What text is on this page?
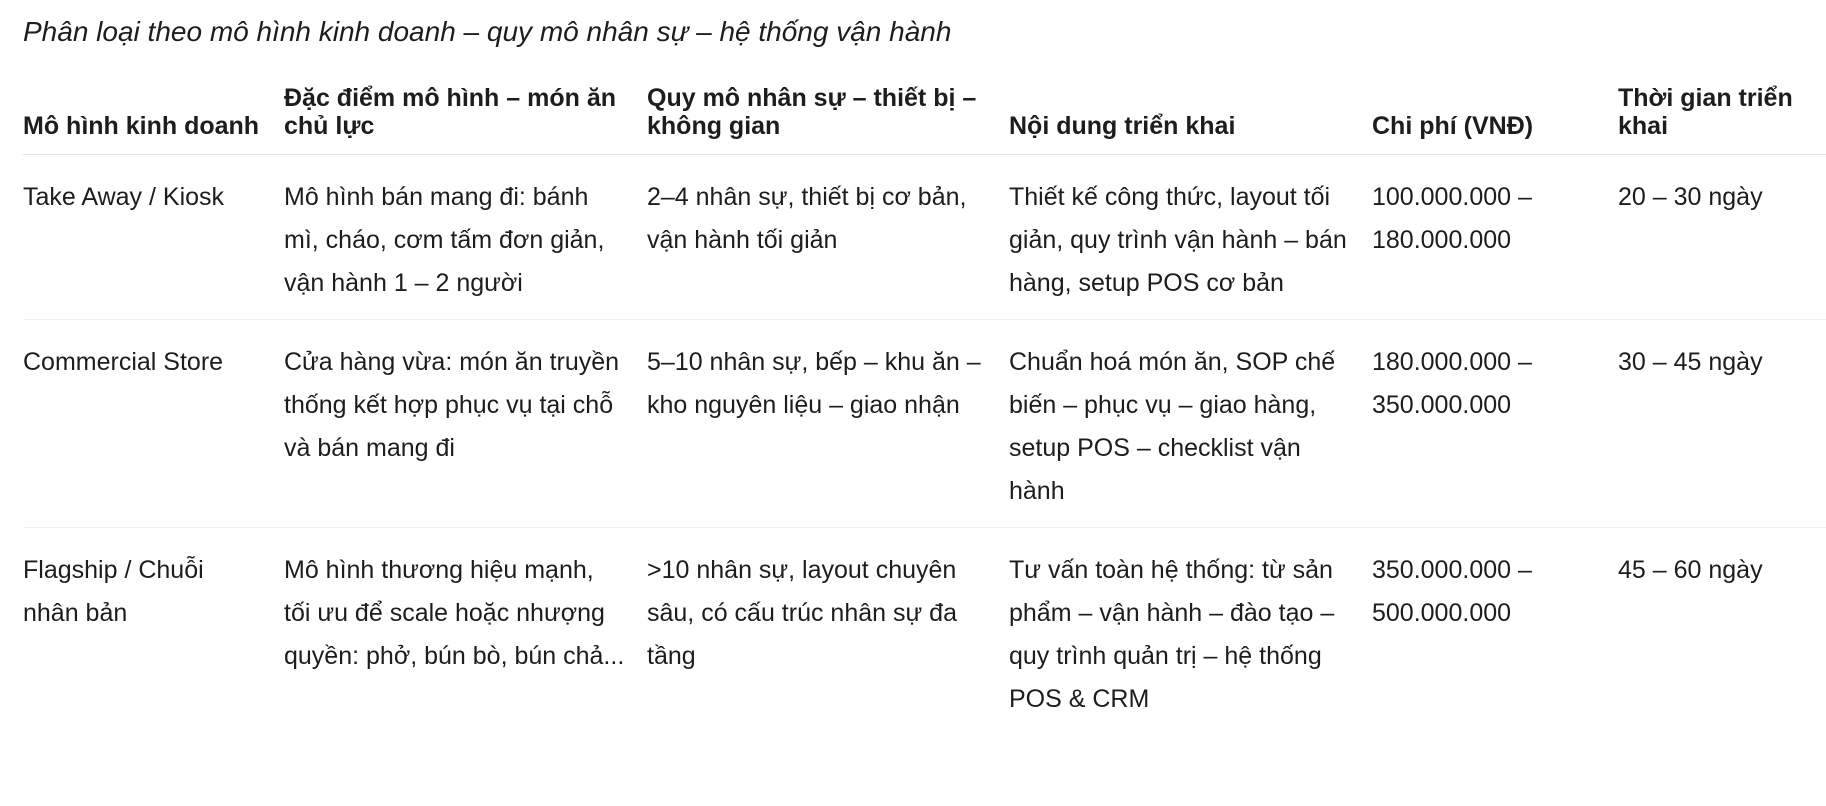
Phân loại theo mô hình kinh doanh – quy mô nhân sự – hệ thống vận hành
Mô hình kinh doanh	Đặc điểm mô hình – món ăn chủ lực	Quy mô nhân sự – thiết bị – không gian	Nội dung triển khai	Chi phí (VNĐ)	Thời gian triển khai
Take Away / Kiosk	Mô hình bán mang đi: bánh mì, cháo, cơm tấm đơn giản, vận hành 1 – 2 người	2–4 nhân sự, thiết bị cơ bản, vận hành tối giản	Thiết kế công thức, layout tối giản, quy trình vận hành – bán hàng, setup POS cơ bản	100.000.000 – 180.000.000	20 – 30 ngày
Commercial Store	Cửa hàng vừa: món ăn truyền thống kết hợp phục vụ tại chỗ và bán mang đi	5–10 nhân sự, bếp – khu ăn – kho nguyên liệu – giao nhận	Chuẩn hoá món ăn, SOP chế biến – phục vụ – giao hàng, setup POS – checklist vận hành	180.000.000 – 350.000.000	30 – 45 ngày
Flagship / Chuỗi nhân bản	Mô hình thương hiệu mạnh, tối ưu để scale hoặc nhượng quyền: phở, bún bò, bún chả...	>10 nhân sự, layout chuyên sâu, có cấu trúc nhân sự đa tầng	Tư vấn toàn hệ thống: từ sản phẩm – vận hành – đào tạo – quy trình quản trị – hệ thống POS & CRM	350.000.000 – 500.000.000	45 – 60 ngày
